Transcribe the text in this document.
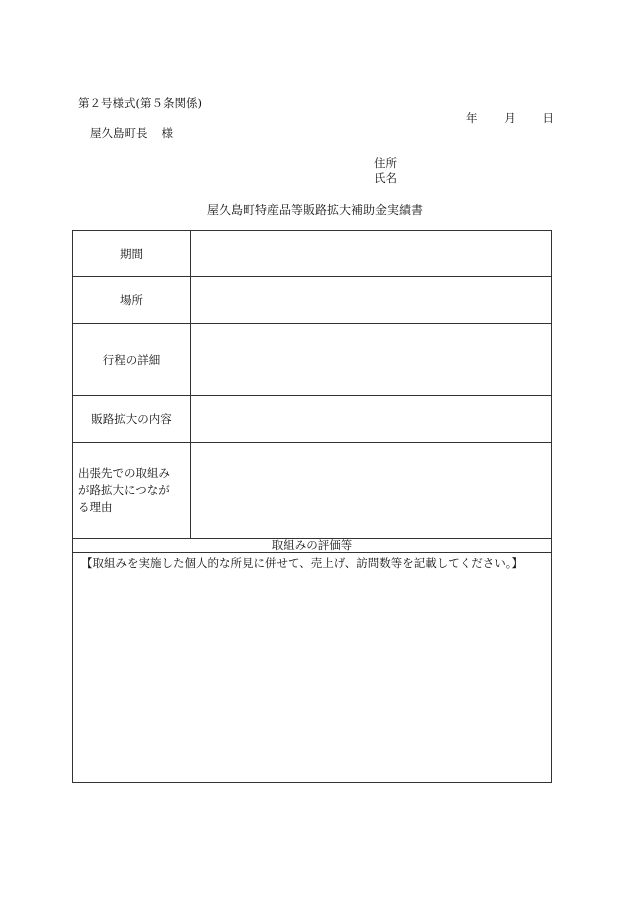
第２号様式(第５条関係)
年 月 日
屋久島町長 様
住所
氏名
屋久島町特産品等販路拡大補助金実績書
期間	
場所	
行程の詳細	
販路拡大の内容	

出張先での取組み
が路拡大につなが
る理由	

取組みの評価等	
【取組みを実施した個人的な所見に併せて、売上げ、訪問数等を記載してください。】	
